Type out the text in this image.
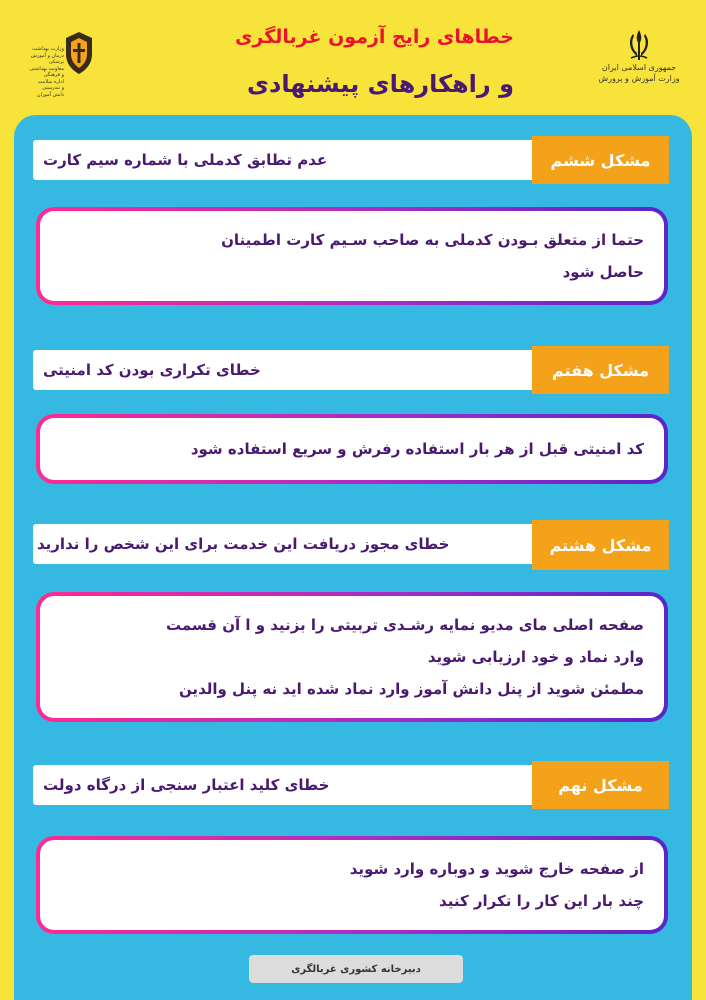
خطاهای رایج آزمون غربالگری
و راهکارهای پیشنهادی
جمهوری اسلامی ایران
وزارت آموزش و پرورش
وزارت بهداشت
درمان و آموزش
پزشکی
معاونت بهداشتی
و فرهنگی
اداره سلامت
و تندرستی
دانش آموزان
مشکل ششم
عدم تطابق کدملی با شماره سیم کارت
حتما از متعلق بـودن کدملی به صاحب سـیم کارت اطمینان
حاصل شود
مشکل هفتم
خطای تکراری بودن کد امنیتی
کد امنیتی قبل از هر بار استفاده رفرش و سریع استفاده شود
مشکل هشتم
خطای مجوز دریافت این خدمت برای این شخص را ندارید
صفحه اصلی مای مدیو نمایه رشـدی تربیتی را بزنید و ا آن قسمت
وارد نماد و خود ارزیابی شوید
مطمئن شوید از پنل دانش آموز وارد نماد شده اید نه پنل والدین
مشکل نهم
خطای کلید اعتبار سنجی از درگاه دولت
از صفحه خارج شوید و دوباره وارد شوید
چند بار این کار را تکرار کنید
دبیرخانه کشوری غربالگری
